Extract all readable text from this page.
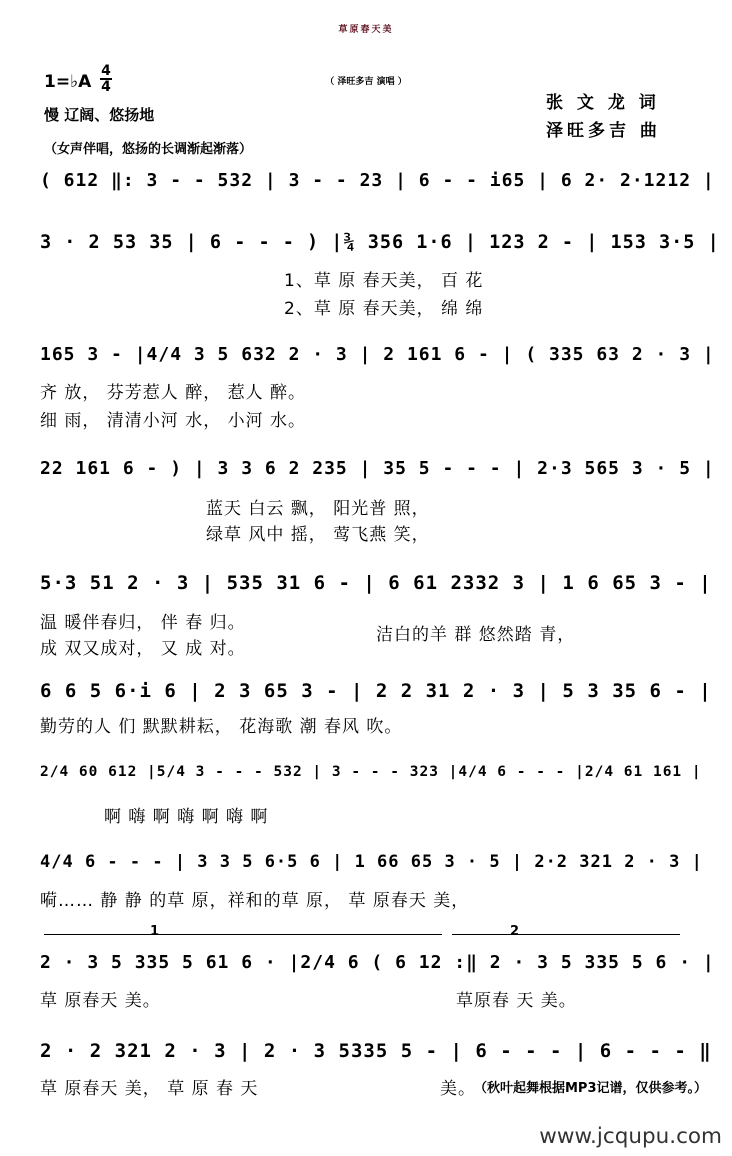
草原春天美
（ 泽旺多吉 演唱 ）
1=♭A
4
4
慢 辽阔、悠扬地
张 文 龙 词
泽旺多吉 曲
（女声伴唱，悠扬的长调渐起渐落）
( 612 ‖: 3 - - 532 | 3 - - 23 | 6 - - i65 | 6 2· 2·1212 |
3 · 2 53 35 | 6 - - - ) |¾ 356 1·6 | 123 2 - | 153 3·5 |
1、草 原 春天美， 百 花
2、草 原 春天美， 绵 绵
165 3 - |4/4 3 5 632 2 · 3 | 2 161 6 - | ( 335 63 2 · 3 |
齐 放， 芬芳惹人 醉， 惹人 醉。
细 雨， 清清小河 水， 小河 水。
22 161 6 - ) | 3 3 6 2 235 | 35 5 - - - | 2·3 565 3 · 5 |
蓝天 白云 飘， 阳光普 照，
绿草 风中 摇， 莺飞燕 笑，
5·3 51 2 · 3 | 535 31 6 - | 6 61 2332 3 | 1 6 65 3 - |
温 暖伴春归， 伴 春 归。
成 双又成对， 又 成 对。
洁白的羊 群 悠然踏 青，
6 6 5 6·i 6 | 2 3 65 3 - | 2 2 31 2 · 3 | 5 3 35 6 - |
勤劳的人 们 默默耕耘， 花海歌 潮 春风 吹。
2/4 60 612 |5/4 3 - - - 532 | 3 - - - 323 |4/4 6 - - - |2/4 61 161 |
啊 嗨 啊 嗨 啊 嗨 啊
4/4 6 - - - | 3 3 5 6·5 6 | 1 66 65 3 · 5 | 2·2 321 2 · 3 |
嗬…… 静 静 的草 原，祥和的草 原， 草 原春天 美，
1	2
2 · 3 5 335 5 61 6 · |2/4 6 ( 6 12 :‖ 2 · 3 5 335 5 6 · |
草 原春天 美。	草原春 天 美。
2 · 2 321 2 · 3 | 2 · 3 5335 5 - | 6 - - - | 6 - - - ‖
草 原春天 美， 草 原 春 天	美。
（秋叶起舞根据MP3记谱，仅供参考。）
www.jcqupu.com
